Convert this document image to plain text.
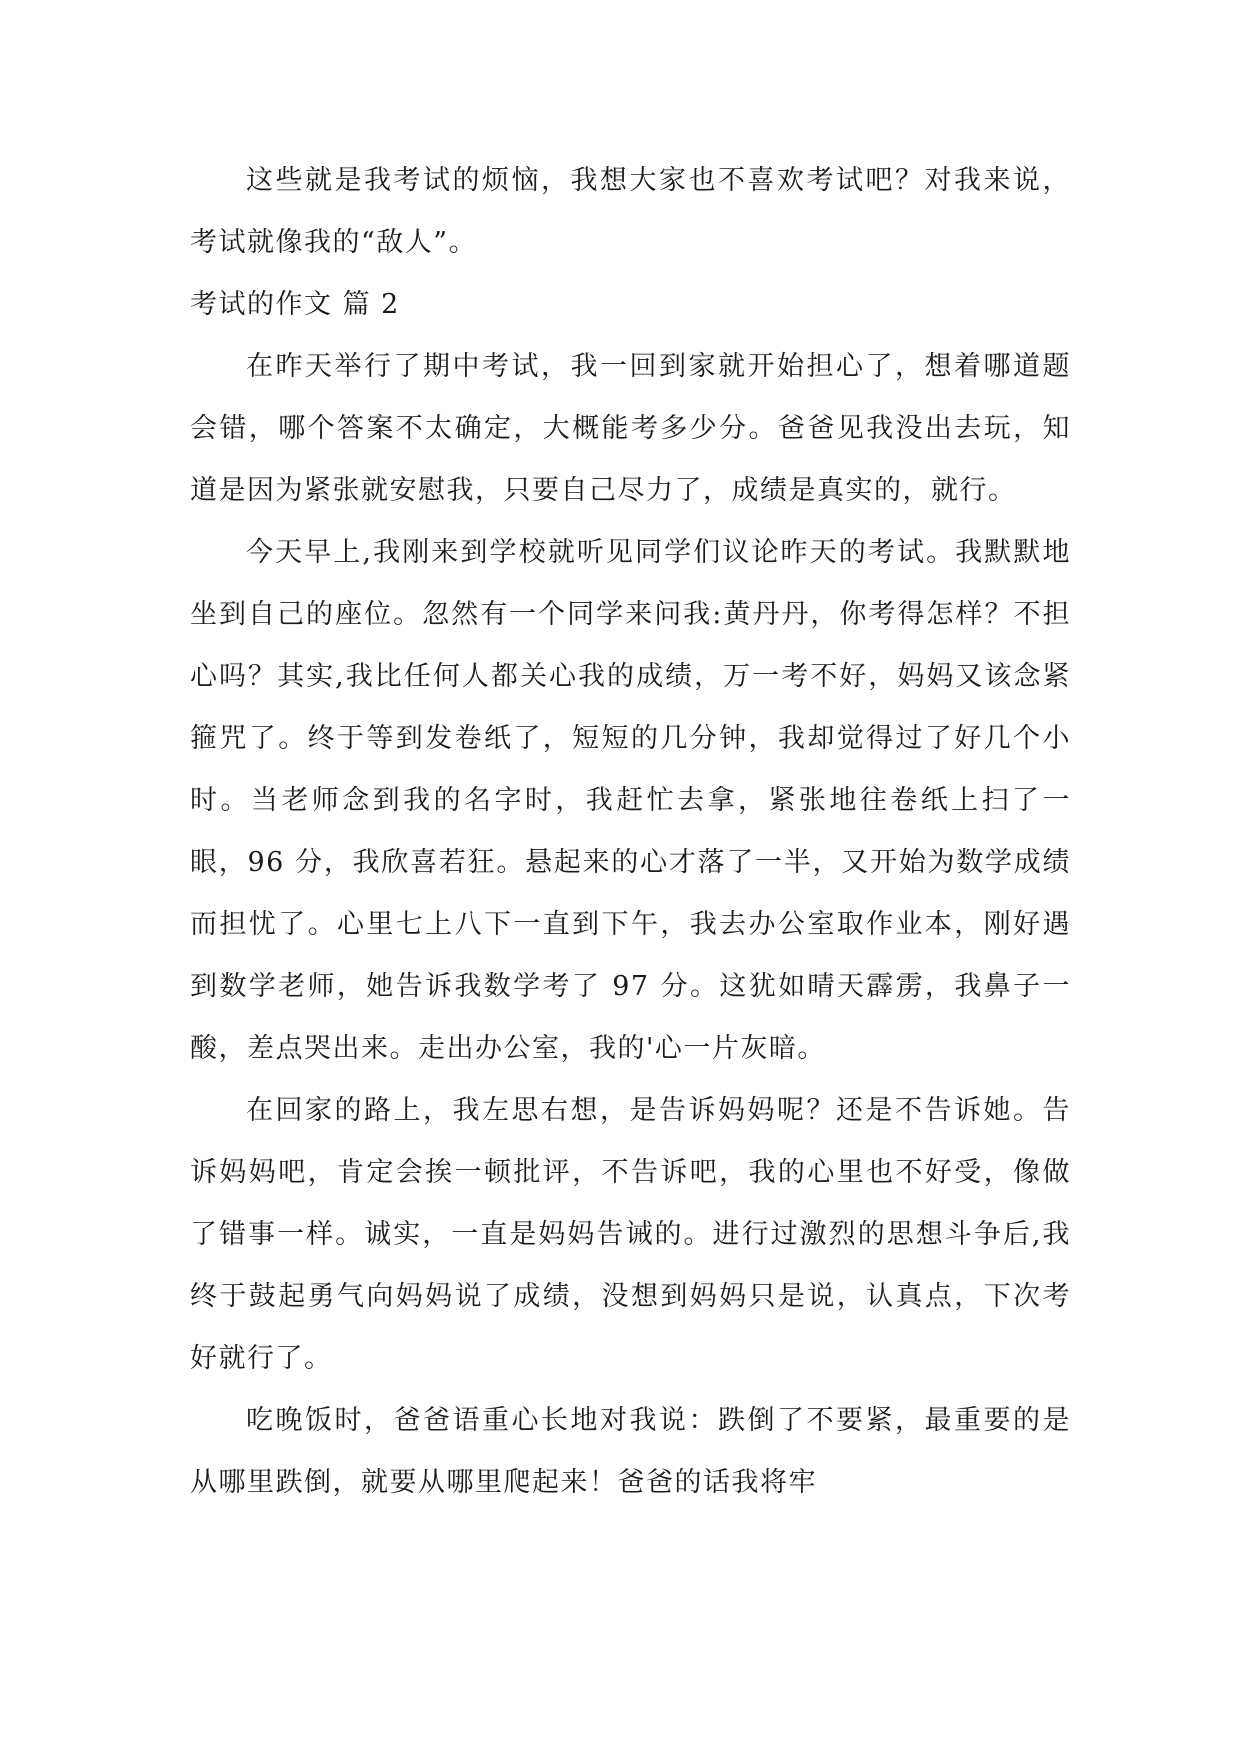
这些就是我考试的烦恼，我想大家也不喜欢考试吧？对我来说，考试就像我的“敌人”。

考试的作文 篇 2

在昨天举行了期中考试，我一回到家就开始担心了，想着哪道题会错，哪个答案不太确定，大概能考多少分。爸爸见我没出去玩，知道是因为紧张就安慰我，只要自己尽力了，成绩是真实的，就行。

今天早上,我刚来到学校就听见同学们议论昨天的考试。我默默地坐到自己的座位。忽然有一个同学来问我:黄丹丹，你考得怎样？不担心吗？其实,我比任何人都关心我的成绩，万一考不好，妈妈又该念紧箍咒了。终于等到发卷纸了，短短的几分钟，我却觉得过了好几个小时。当老师念到我的名字时，我赶忙去拿，紧张地往卷纸上扫了一眼，96 分，我欣喜若狂。悬起来的心才落了一半，又开始为数学成绩而担忧了。心里七上八下一直到下午，我去办公室取作业本，刚好遇到数学老师，她告诉我数学考了 97 分。这犹如晴天霹雳，我鼻子一酸，差点哭出来。走出办公室，我的'心一片灰暗。

在回家的路上，我左思右想，是告诉妈妈呢？还是不告诉她。告诉妈妈吧，肯定会挨一顿批评，不告诉吧，我的心里也不好受，像做了错事一样。诚实，一直是妈妈告诫的。进行过激烈的思想斗争后,我终于鼓起勇气向妈妈说了成绩，没想到妈妈只是说，认真点，下次考好就行了。

吃晚饭时，爸爸语重心长地对我说：跌倒了不要紧，最重要的是从哪里跌倒，就要从哪里爬起来！爸爸的话我将牢
